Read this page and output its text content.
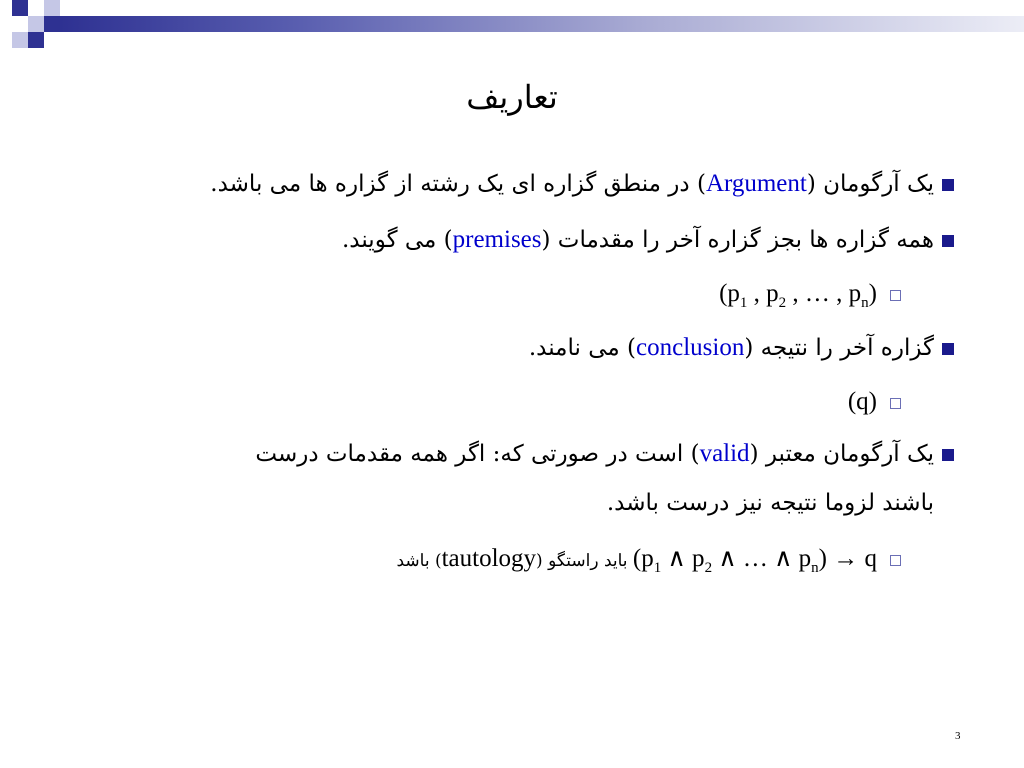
تعاریف
یک آرگومان (Argument) در منطق گزاره ای یک رشته از گزاره ها می باشد.
همه گزاره ها بجز گزاره آخر را مقدمات (premises) می گویند.
($p_1$ , $p_2$ , … , $p_n$)
گزاره آخر را نتیجه (conclusion) می نامند.
(q)
یک آرگومان معتبر (valid) است در صورتی که: اگر همه مقدمات درست
باشند لزوما نتیجه نیز درست باشد.
($p_1$ ∧ $p_2$ ∧ … ∧ $p_n) \to q$ باید راستگو (tautology) باشد
3
